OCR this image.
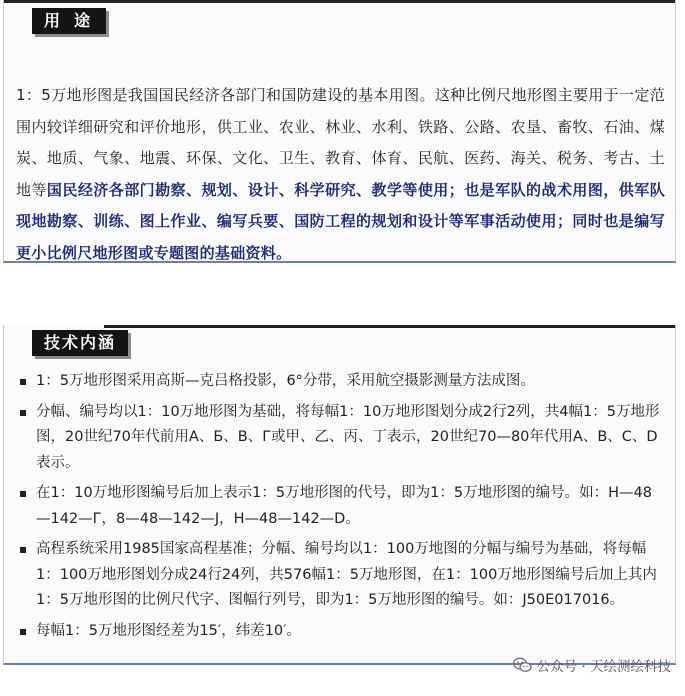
用途

1：5万地形图是我国国民经济各部门和国防建设的基本用图。这种比例尺地形图主要用于一定范围内较详细研究和评价地形，供工业、农业、林业、水利、铁路、公路、农垦、畜牧、石油、煤炭、地质、气象、地震、环保、文化、卫生、教育、体育、民航、医药、海关、税务、考古、土地等国民经济各部门勘察、规划、设计、科学研究、教学等使用；也是军队的战术用图，供军队现地勘察、训练、图上作业、编写兵要、国防工程的规划和设计等军事活动使用；同时也是编写更小比例尺地形图或专题图的基础资料。

技术内涵
1：5万地形图采用高斯—克吕格投影，6°分带，采用航空摄影测量方法成图。
分幅、编号均以1：10万地形图为基础，将每幅1：10万地形图划分成2行2列，共4幅1：5万地形图，20世纪70年代前用А、Б、В、Г或甲、乙、丙、丁表示，20世纪70—80年代用A、B、C、D表示。
在1：10万地形图编号后加上表示1：5万地形图的代号，即为1：5万地形图的编号。如：H—48—142—Г，8—48—142—J，H—48—142—D。
高程系统采用1985国家高程基准；分幅、编号均以1：100万地图的分幅与编号为基础，将每幅1：100万地形图划分成24行24列，共576幅1：5万地形图，在1：100万地形图编号后加上其内1：5万地形图的比例尺代字、图幅行列号，即为1：5万地形图的编号。如：J50E017016。
每幅1：5万地形图经差为15′，纬差10′。
公众号 · 天绘测绘科技
